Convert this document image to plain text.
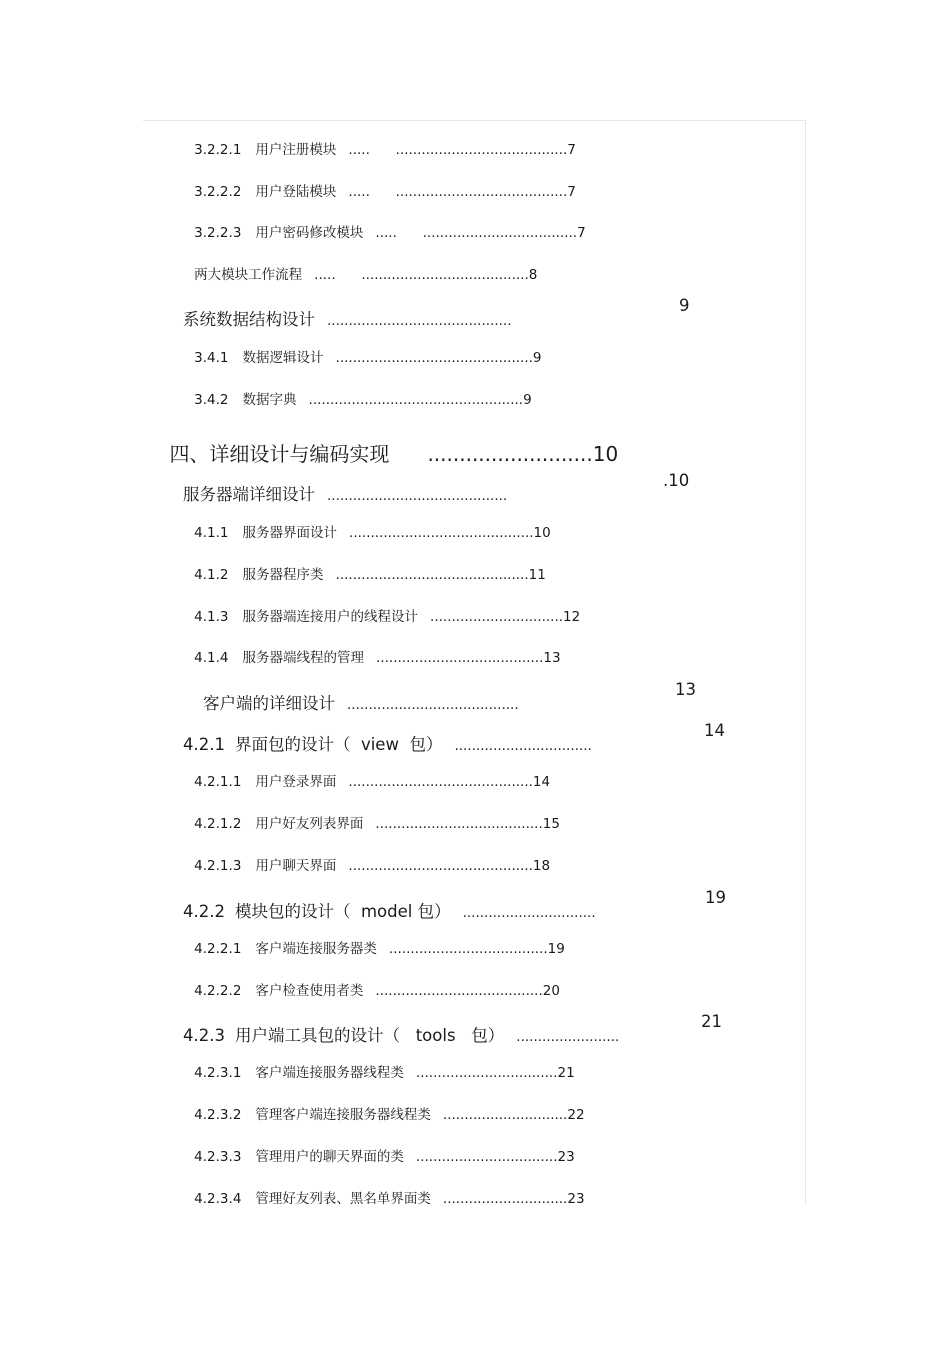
3.2.2.1 用户注册模块 .....      ........................................7

3.2.2.2 用户登陆模块 .....      ........................................7

3.2.2.3 用户密码修改模块 .....      ....................................7

两大模块工作流程 .....      .......................................8

系统数据结构设计 ...........................................

9

3.4.1 数据逻辑设计 ..............................................9

3.4.2 数据字典 ..................................................9

四、详细设计与编码实现 ..........................10

服务器端详细设计 ..........................................

.10

4.1.1 服务器界面设计 ...........................................10

4.1.2 服务器程序类 .............................................11

4.1.3 服务器端连接用户的线程设计 ...............................12

4.1.4 服务器端线程的管理 .......................................13

客户端的详细设计 ........................................

13

4.2.1 界面包的设计（  view  包） ................................

14

4.2.1.1 用户登录界面 ...........................................14

4.2.1.2 用户好友列表界面 .......................................15

4.2.1.3 用户聊天界面 ...........................................18

4.2.2 模块包的设计（  model 包） ...............................

19

4.2.2.1 客户端连接服务器类 .....................................19

4.2.2.2 客户检查使用者类 .......................................20

4.2.3 用户端工具包的设计（   tools   包） ........................

21

4.2.3.1 客户端连接服务器线程类 .................................21

4.2.3.2 管理客户端连接服务器线程类 .............................22

4.2.3.3 管理用户的聊天界面的类 .................................23

4.2.3.4 管理好友列表、黑名单界面类 .............................23
